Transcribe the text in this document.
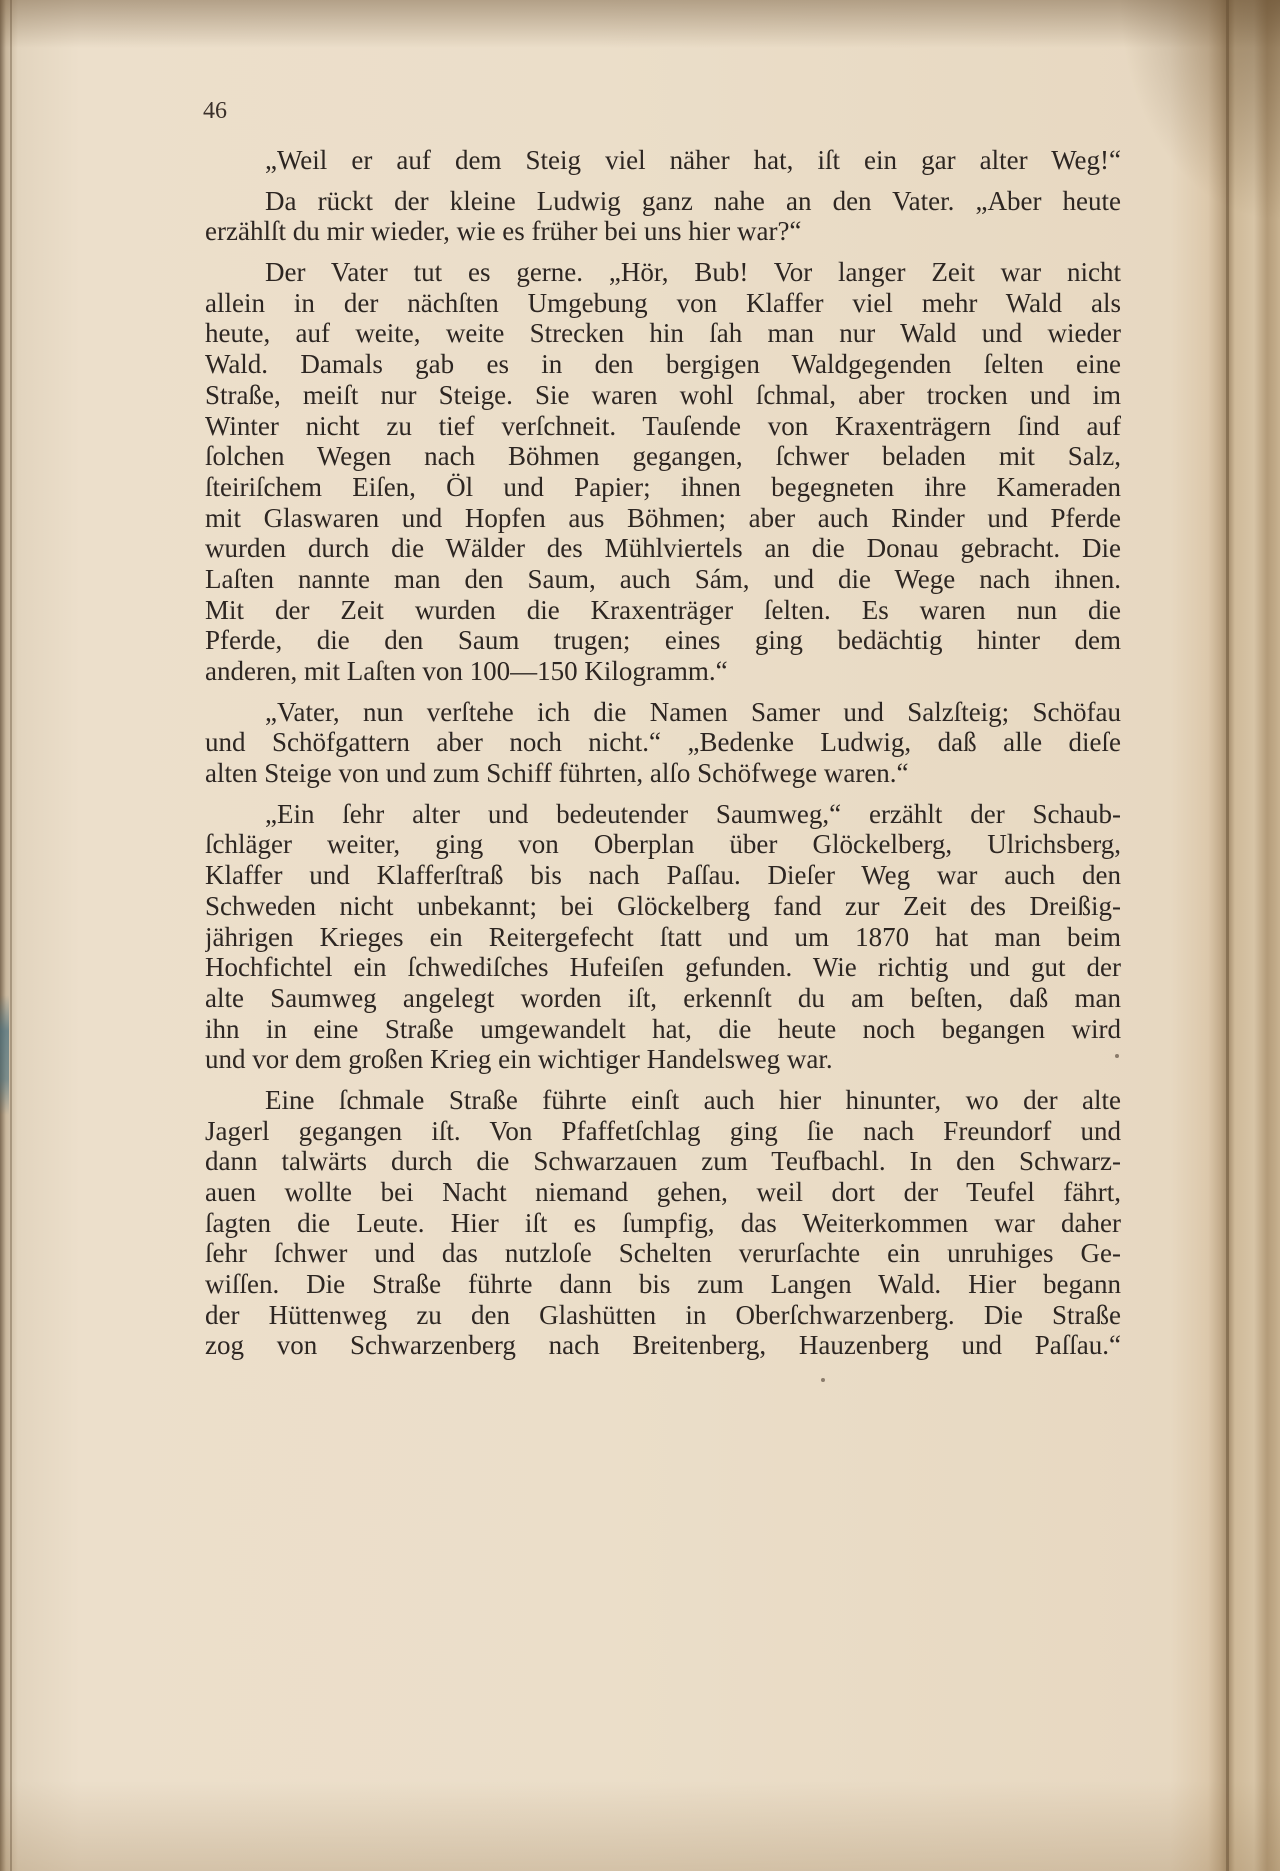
46
„Weil er auf dem Steig viel näher hat, iſt ein gar alter Weg!“
Da rückt der kleine Ludwig ganz nahe an den Vater. „Aber heute
erzählſt du mir wieder, wie es früher bei uns hier war?“
Der Vater tut es gerne. „Hör, Bub! Vor langer Zeit war nicht
allein in der nächſten Umgebung von Klaffer viel mehr Wald als
heute, auf weite, weite Strecken hin ſah man nur Wald und wieder
Wald. Damals gab es in den bergigen Waldgegenden ſelten eine
Straße, meiſt nur Steige. Sie waren wohl ſchmal, aber trocken und im
Winter nicht zu tief verſchneit. Tauſende von Kraxenträgern ſind auf
ſolchen Wegen nach Böhmen gegangen, ſchwer beladen mit Salz,
ſteiriſchem Eiſen, Öl und Papier; ihnen begegneten ihre Kameraden
mit Glaswaren und Hopfen aus Böhmen; aber auch Rinder und Pferde
wurden durch die Wälder des Mühlviertels an die Donau gebracht. Die
Laſten nannte man den Saum, auch Sám, und die Wege nach ihnen.
Mit der Zeit wurden die Kraxenträger ſelten. Es waren nun die
Pferde, die den Saum trugen; eines ging bedächtig hinter dem
anderen, mit Laſten von 100—150 Kilogramm.“
„Vater, nun verſtehe ich die Namen Samer und Salzſteig; Schöfau
und Schöfgattern aber noch nicht.“ „Bedenke Ludwig, daß alle dieſe
alten Steige von und zum Schiff führten, alſo Schöfwege waren.“
„Ein ſehr alter und bedeutender Saumweg,“ erzählt der Schaub-
ſchläger weiter, ging von Oberplan über Glöckelberg, Ulrichsberg,
Klaffer und Klafferſtraß bis nach Paſſau. Dieſer Weg war auch den
Schweden nicht unbekannt; bei Glöckelberg fand zur Zeit des Dreißig-
jährigen Krieges ein Reitergefecht ſtatt und um 1870 hat man beim
Hochfichtel ein ſchwediſches Hufeiſen gefunden. Wie richtig und gut der
alte Saumweg angelegt worden iſt, erkennſt du am beſten, daß man
ihn in eine Straße umgewandelt hat, die heute noch begangen wird
und vor dem großen Krieg ein wichtiger Handelsweg war.
Eine ſchmale Straße führte einſt auch hier hinunter, wo der alte
Jagerl gegangen iſt. Von Pfaffetſchlag ging ſie nach Freundorf und
dann talwärts durch die Schwarzauen zum Teufbachl. In den Schwarz-
auen wollte bei Nacht niemand gehen, weil dort der Teufel fährt,
ſagten die Leute. Hier iſt es ſumpfig, das Weiterkommen war daher
ſehr ſchwer und das nutzloſe Schelten verurſachte ein unruhiges Ge-
wiſſen. Die Straße führte dann bis zum Langen Wald. Hier begann
der Hüttenweg zu den Glashütten in Oberſchwarzenberg. Die Straße
zog von Schwarzenberg nach Breitenberg, Hauzenberg und Paſſau.“
